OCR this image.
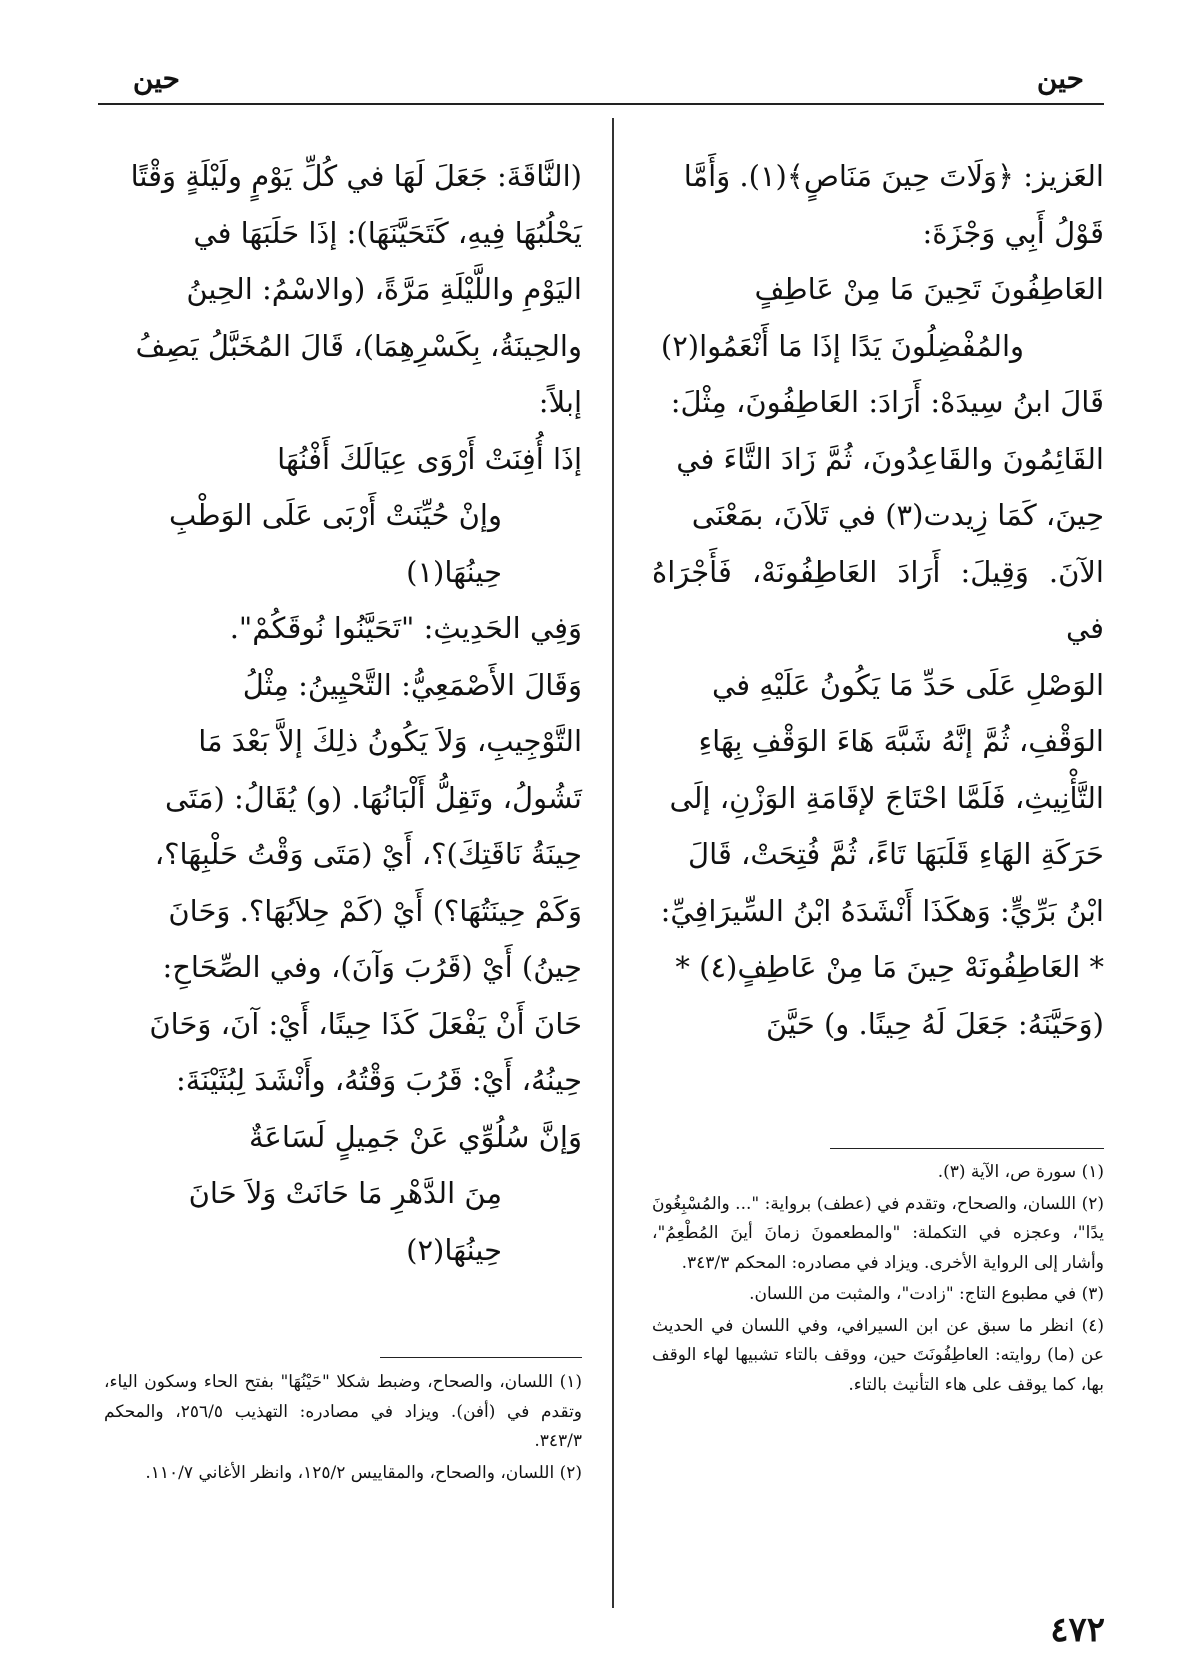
حين
حين

العَزيز: ﴿وَلَاتَ حِينَ مَنَاصٍ﴾(١). وَأَمَّا

قَوْلُ أَبِي وَجْزَةَ:

العَاطِفُونَ تَحِينَ مَا مِنْ عَاطِفٍ

والمُفْضِلُونَ يَدًا إذَا مَا أَنْعَمُوا(٢)

قَالَ ابنُ سِيدَهْ: أَرَادَ: العَاطِفُونَ، مِثْلَ:

القَائِمُونَ والقَاعِدُونَ، ثُمَّ زَادَ التَّاءَ في

حِينَ، كَمَا زِيدت(٣) في تَلاَنَ، بمَعْنَى

الآنَ. وَقِيلَ: أَرَادَ العَاطِفُونَهْ، فَأَجْرَاهُ في

الوَصْلِ عَلَى حَدِّ مَا يَكُونُ عَلَيْهِ في

الوَقْفِ، ثُمَّ إنَّهُ شَبَّهَ هَاءَ الوَقْفِ بِهَاءِ

التَّأْنِيثِ، فَلَمَّا احْتَاجَ لإقَامَةِ الوَزْنِ، إلَى

حَرَكَةِ الهَاءِ قَلَبَهَا تَاءً، ثُمَّ فُتِحَتْ، قَالَ

ابْنُ بَرِّيٍّ: وَهكَذَا أَنْشَدَهُ ابْنُ السِّيرَافِيِّ:

* العَاطِفُونَهْ حِينَ مَا مِنْ عَاطِفٍ(٤) *

(وَحَيَّنَهُ: جَعَلَ لَهُ حِينًا. و) حَيَّنَ

(١) سورة ص، الآية (٣).

(٢) اللسان، والصحاح، وتقدم في (عطف) برواية: "... والمُسْبِغُونَ يدًا"، وعجزه في التكملة: "والمطعمونَ زمانَ أينَ المُطْعِمُ"، وأشار إلى الرواية الأخرى. ويزاد في مصادره: المحكم ٣٤٣/٣.

(٣) في مطبوع التاج: "زادت"، والمثبت من اللسان.

(٤) انظر ما سبق عن ابن السيرافي، وفي اللسان في الحديث عن (ما) روايته: العاطِفُونَتَ حين، ووقف بالتاء تشبيها لهاء الوقف بها، كما يوقف على هاء التأنيث بالتاء.

(النَّاقَةَ: جَعَلَ لَهَا في كُلِّ يَوْمٍ ولَيْلَةٍ وَقْتًا

يَحْلُبُهَا فِيهِ، كَتَحَيَّنَهَا): إذَا حَلَبَهَا في

اليَوْمِ واللَّيْلَةِ مَرَّةً، (والاسْمُ: الحِينُ

والحِينَةُ، بِكَسْرِهِمَا)، قَالَ المُخَبَّلُ يَصِفُ

إبلاً:

إذَا أُفِنَتْ أَرْوَى عِيَالَكَ أَفْنُهَا

وإنْ حُيِّنَتْ أَرْبَى عَلَى الوَطْبِ حِينُهَا(١)

وَفِي الحَدِيثِ: "تَحَيَّنُوا نُوقَكُمْ".

وَقَالَ الأَصْمَعِيُّ: التَّحْيِينُ: مِثْلُ

التَّوْجِيبِ، وَلاَ يَكُونُ ذلِكَ إلاَّ بَعْدَ مَا

تَشُولُ، وتَقِلُّ أَلْبَانُهَا. (و) يُقَالُ: (مَتَى

حِينَةُ نَاقَتِكَ)؟، أَيْ (مَتَى وَقْتُ حَلْبِهَا؟،

وَكَمْ حِينَتُهَا؟) أَيْ (كَمْ حِلاَبُهَا؟. وَحَانَ

حِينُ) أَيْ (قَرُبَ وَآنَ)، وفي الصِّحَاحِ:

حَانَ أَنْ يَفْعَلَ كَذَا حِينًا، أَيْ: آنَ، وَحَانَ

حِينُهُ، أَيْ: قَرُبَ وَقْتُهُ، وأَنْشَدَ لِبُثَيْنَةَ:

وَإنَّ سُلُوِّي عَنْ جَمِيلٍ لَسَاعَةٌ

مِنَ الدَّهْرِ مَا حَانَتْ وَلاَ حَانَ حِينُهَا(٢)

(١) اللسان، والصحاح، وضبط شكلا "حَيْنُهَا" بفتح الحاء وسكون الياء، وتقدم في (أفن). ويزاد في مصادره: التهذيب ٢٥٦/٥، والمحكم ٣٤٣/٣.

(٢) اللسان، والصحاح، والمقاييس ١٢٥/٢، وانظر الأغاني ١١٠/٧.

٤٧٢
